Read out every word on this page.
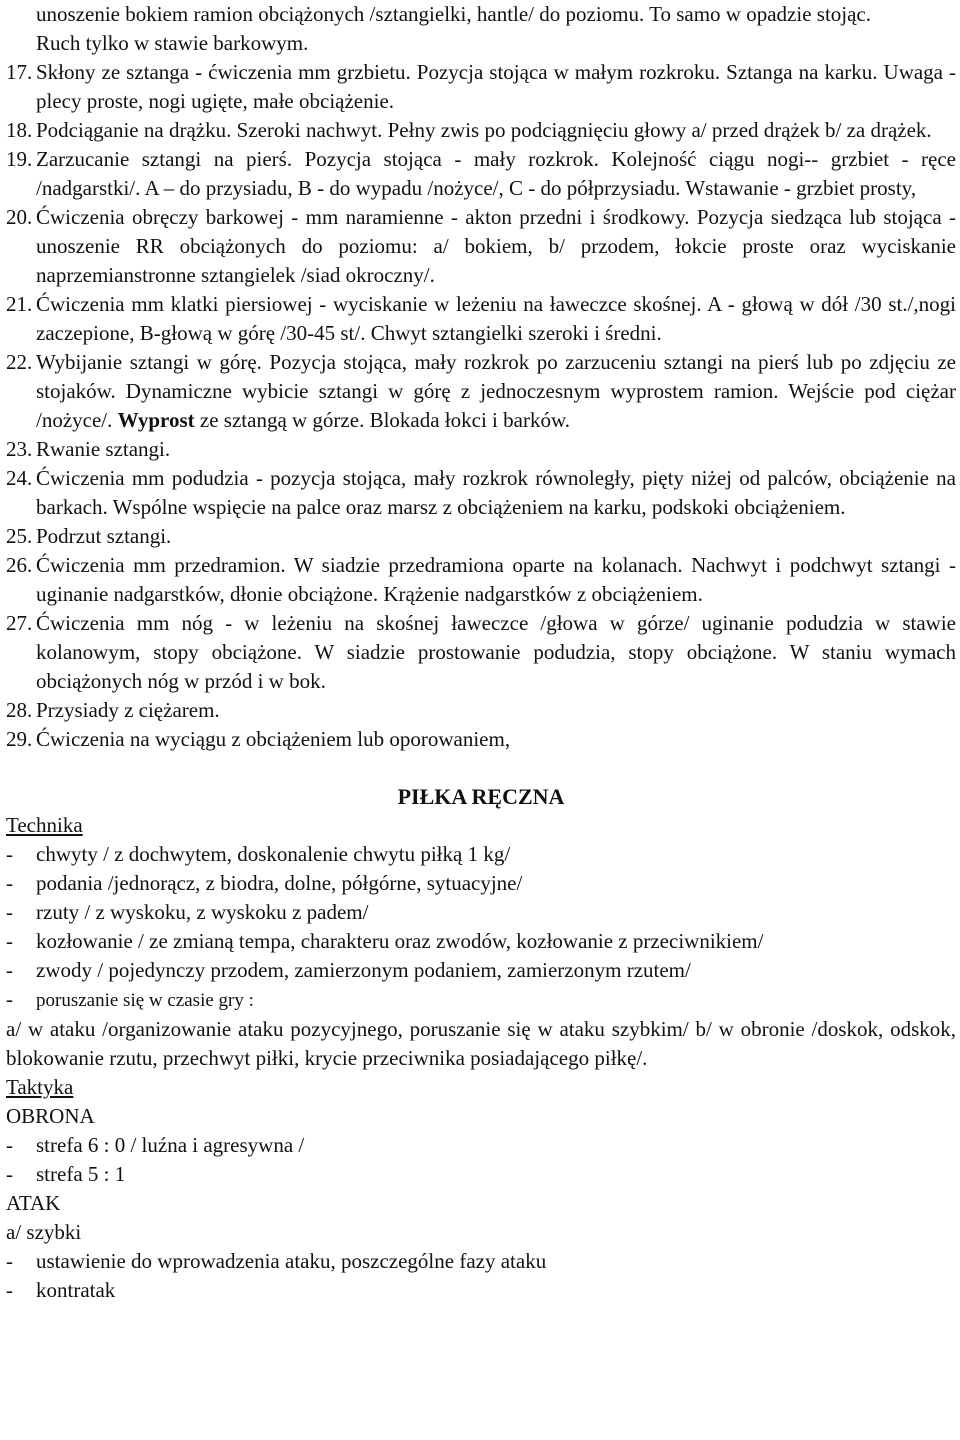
unoszenie bokiem ramion obciążonych /sztangielki, hantle/ do poziomu. To samo w opadzie stojąc.
Ruch tylko w stawie barkowym.
17. Skłony ze sztanga - ćwiczenia mm grzbietu. Pozycja stojąca w małym rozkroku. Sztanga na karku. Uwaga - plecy proste, nogi ugięte, małe obciążenie.
18. Podciąganie na drążku. Szeroki nachwyt. Pełny zwis po podciągnięciu głowy a/ przed drążek b/ za drążek.
19. Zarzucanie sztangi na pierś. Pozycja stojąca - mały rozkrok. Kolejność ciągu nogi-- grzbiet - ręce /nadgarstki/. A – do przysiadu, B - do wypadu /nożyce/, C - do półprzysiadu. Wstawanie - grzbiet prosty,
20. Ćwiczenia obręczy barkowej - mm naramienne - akton przedni i środkowy. Pozycja siedząca lub stojąca - unoszenie RR obciążonych do poziomu: a/ bokiem, b/ przodem, łokcie proste oraz wyciskanie naprzemianstronne sztangielek /siad okroczny/.
21. Ćwiczenia mm klatki piersiowej - wyciskanie w leżeniu na ławeczce skośnej. A - głową w dół /30 st./,nogi zaczepione, B-głową w górę /30-45 st/. Chwyt sztangielki szeroki i średni.
22. Wybijanie sztangi w górę. Pozycja stojąca, mały rozkrok po zarzuceniu sztangi na pierś lub po zdjęciu ze stojaków. Dynamiczne wybicie sztangi w górę z jednoczesnym wyprostem ramion. Wejście pod ciężar /nożyce/. Wyprost ze sztangą w górze. Blokada łokci i barków.
23. Rwanie sztangi.
24. Ćwiczenia mm podudzia - pozycja stojąca, mały rozkrok równoległy, pięty niżej od palców, obciążenie na barkach. Wspólne wspięcie na palce oraz marsz z obciążeniem na karku, podskoki obciążeniem.
25. Podrzut sztangi.
26. Ćwiczenia mm przedramion. W siadzie przedramiona oparte na kolanach. Nachwyt i podchwyt sztangi - uginanie nadgarstków, dłonie obciążone. Krążenie nadgarstków z obciążeniem.
27. Ćwiczenia mm nóg - w leżeniu na skośnej ławeczce /głowa w górze/ uginanie podudzia w stawie kolanowym, stopy obciążone. W siadzie prostowanie podudzia, stopy obciążone. W staniu wymach obciążonych nóg w przód i w bok.
28. Przysiady z ciężarem.
29. Ćwiczenia na wyciągu z obciążeniem lub oporowaniem,
PIŁKA RĘCZNA
Technika
- chwyty / z dochwytem, doskonalenie chwytu piłką 1 kg/
- podania /jednorącz, z biodra, dolne, półgórne, sytuacyjne/
- rzuty / z wyskoku, z wyskoku z padem/
- kozłowanie / ze zmianą tempa, charakteru oraz zwodów, kozłowanie z przeciwnikiem/
- zwody / pojedynczy przodem, zamierzonym podaniem, zamierzonym rzutem/
- poruszanie się w czasie gry :
a/ w ataku /organizowanie ataku pozycyjnego, poruszanie się w ataku szybkim/ b/ w obronie /doskok, odskok, blokowanie rzutu, przechwyt piłki, krycie przeciwnika posiadającego piłkę/.
Taktyka
OBRONA
- strefa 6 : 0 / luźna i agresywna /
- strefa 5 : 1
ATAK
a/ szybki
- ustawienie do wprowadzenia ataku, poszczególne fazy ataku
- kontratak
